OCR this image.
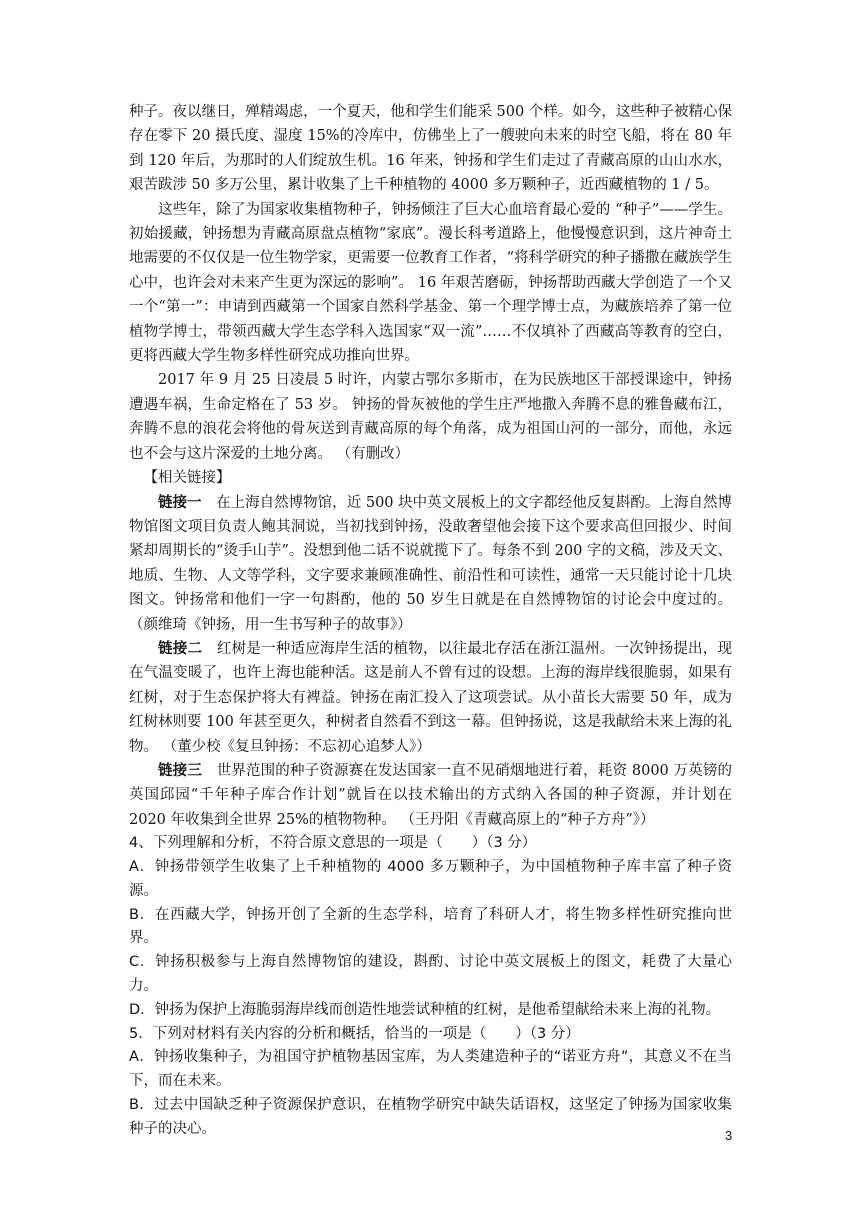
种子。夜以继日，殚精竭虑，一个夏天，他和学生们能采 500 个样。如今，这些种子被精心保存在零下 20 摄氏度、湿度 15%的冷库中，仿佛坐上了一艘驶向未来的时空飞船，将在 80 年到 120 年后，为那时的人们绽放生机。16 年来，钟扬和学生们走过了青藏高原的山山水水，艰苦跋涉 50 多万公里，累计收集了上千种植物的 4000 多万颗种子，近西藏植物的 1 / 5。

这些年，除了为国家收集植物种子，钟扬倾注了巨大心血培育最心爱的 “种子”——学生。 初始援藏，钟扬想为青藏高原盘点植物“家底”。漫长科考道路上，他慢慢意识到，这片神奇土地需要的不仅仅是一位生物学家，更需要一位教育工作者，“将科学研究的种子播撒在藏族学生心中，也许会对未来产生更为深远的影响”。 16 年艰苦磨砺，钟扬帮助西藏大学创造了一个又一个“第一”：申请到西藏第一个国家自然科学基金、第一个理学博士点，为藏族培养了第一位植物学博士，带领西藏大学生态学科入选国家“双一流”……不仅填补了西藏高等教育的空白，更将西藏大学生物多样性研究成功推向世界。

2017 年 9 月 25 日凌晨 5 时许，内蒙古鄂尔多斯市，在为民族地区干部授课途中，钟扬遭遇车祸，生命定格在了 53 岁。 钟扬的骨灰被他的学生庄严地撒入奔腾不息的雅鲁藏布江，奔腾不息的浪花会将他的骨灰送到青藏高原的每个角落，成为祖国山河的一部分，而他，永远也不会与这片深爱的土地分离。 （有删改）

【相关链接】

链接一　 在上海自然博物馆，近 500 块中英文展板上的文字都经他反复斟酌。上海自然博物馆图文项目负责人鲍其洞说，当初找到钟扬，没敢奢望他会接下这个要求高但回报少、时间紧却周期长的“烫手山芋”。没想到他二话不说就揽下了。每条不到 200 字的文稿，涉及天文、地质、生物、人文等学科，文字要求兼顾准确性、前沿性和可读性，通常一天只能讨论十几块图文。钟扬常和他们一字一句斟酌，他的 50 岁生日就是在自然博物馆的讨论会中度过的。 （颜维琦《钟扬，用一生书写种子的故事》）

链接二　 红树是一种适应海岸生活的植物，以往最北存活在浙江温州。一次钟扬提出，现在气温变暖了，也许上海也能种活。这是前人不曾有过的设想。上海的海岸线很脆弱，如果有红树，对于生态保护将大有裨益。钟扬在南汇投入了这项尝试。从小苗长大需要 50 年，成为红树林则要 100 年甚至更久，种树者自然看不到这一幕。但钟扬说，这是我献给未来上海的礼物。 （董少校《复旦钟扬：不忘初心追梦人》）

链接三　 世界范围的种子资源赛在发达国家一直不见硝烟地进行着，耗资 8000 万英镑的英国邱园“千年种子库合作计划”就旨在以技术输出的方式纳入各国的种子资源，并计划在 2020 年收集到全世界 25%的植物物种。 （王丹阳《青藏高原上的“种子方舟”》）

4、下列理解和分析，不符合原文意思的一项是（　　）（3 分）

A．钟扬带领学生收集了上千种植物的 4000 多万颗种子，为中国植物种子库丰富了种子资源。

B．在西藏大学，钟扬开创了全新的生态学科，培育了科研人才，将生物多样性研究推向世界。

C．钟扬积极参与上海自然博物馆的建设，斟酌、讨论中英文展板上的图文，耗费了大量心力。

D．钟扬为保护上海脆弱海岸线而创造性地尝试种植的红树，是他希望献给未来上海的礼物。

5．下列对材料有关内容的分析和概括，恰当的一项是（　　）（3 分）

A．钟扬收集种子，为祖国守护植物基因宝库，为人类建造种子的“诺亚方舟”，其意义不在当下，而在未来。

B．过去中国缺乏种子资源保护意识，在植物学研究中缺失话语权，这坚定了钟扬为国家收集种子的决心。	3
